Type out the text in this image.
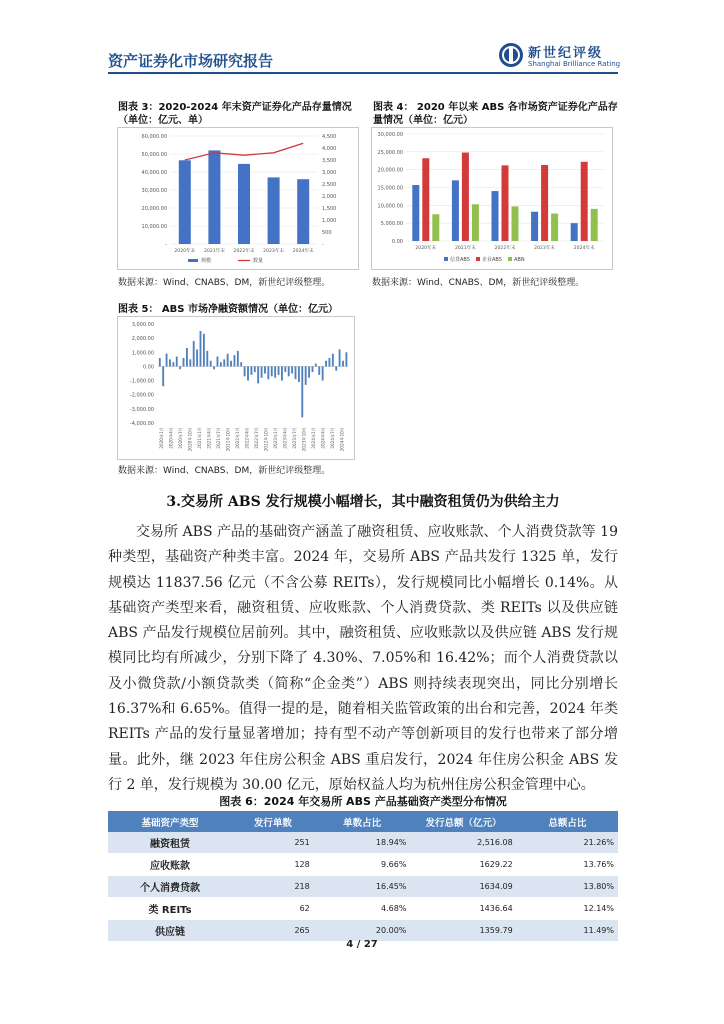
资产证券化市场研究报告	新世纪评级
Shanghai Brilliance Rating
图表 3：2020-2024 年末资产证券化产品存量情况（单位：亿元、单）
60,000.00
50,000.00
40,000.00
30,000.00
20,000.00
10,000.00
-
4,500
4,000
3,500
3,000
2,500
2,000
1,500
1,000
500
-
2020年末 2021年末 2022年末 2023年末 2024年末
规模	数量
数据来源：Wind、CNABS、DM，新世纪评级整理。
图表 4： 2020 年以来 ABS 各市场资产证券化产品存量情况（单位：亿元）
30,000.00
25,000.00
20,000.00
15,000.00
10,000.00
5,000.00
0.00
2020年末	2021年末	2022年末	2023年末	2024年末
信贷ABS 企业ABS ABN
数据来源：Wind、CNABS、DM，新世纪评级整理。
图表 5： ABS 市场净融资额情况（单位：亿元）
3,000.00
2,000.00
1,000.00
0.00
-1,000.00
-2,000.00
-3,000.00
-4,000.00
2020年1月 2020年4月 2020年7月 2020年10月 2021年1月 2021年4月 2021年7月 2021年10月 2022年1月 2022年4月 2022年7月 2022年10月 2023年1月 2023年4月 2023年7月 2023年10月 2024年1月 2024年4月 2024年7月 2024年10月
数据来源：Wind、CNABS、DM，新世纪评级整理。
3.交易所 ABS 发行规模小幅增长，其中融资租赁仍为供给主力

交易所 ABS 产品的基础资产涵盖了融资租赁、应收账款、个人消费贷款等 19 种类型，基础资产种类丰富。2024 年，交易所 ABS 产品共发行 1325 单，发行规模达 11837.56 亿元（不含公募 REITs），发行规模同比小幅增长 0.14%。从基础资产类型来看，融资租赁、应收账款、个人消费贷款、类 REITs 以及供应链 ABS 产品发行规模位居前列。其中，融资租赁、应收账款以及供应链 ABS 发行规模同比均有所减少，分别下降了 4.30%、7.05%和 16.42%；而个人消费贷款以及小微贷款/小额贷款类（简称“企金类”）ABS 则持续表现突出，同比分别增长 16.37%和 6.65%。值得一提的是，随着相关监管政策的出台和完善，2024 年类 REITs 产品的发行量显著增加；持有型不动产等创新项目的发行也带来了部分增量。此外，继 2023 年住房公积金 ABS 重启发行，2024 年住房公积金 ABS 发行 2 单，发行规模为 30.00 亿元，原始权益人均为杭州住房公积金管理中心。

图表 6：2024 年交易所 ABS 产品基础资产类型分布情况
基础资产类型	发行单数	单数占比	发行总额（亿元）	总额占比
融资租赁	251	18.94%	2,516.08	21.26%
应收账款	128	9.66%	1629.22	13.76%
个人消费贷款	218	16.45%	1634.09	13.80%
类 REITs	62	4.68%	1436.64	12.14%
供应链	265	20.00%	1359.79	11.49%
4 / 27
